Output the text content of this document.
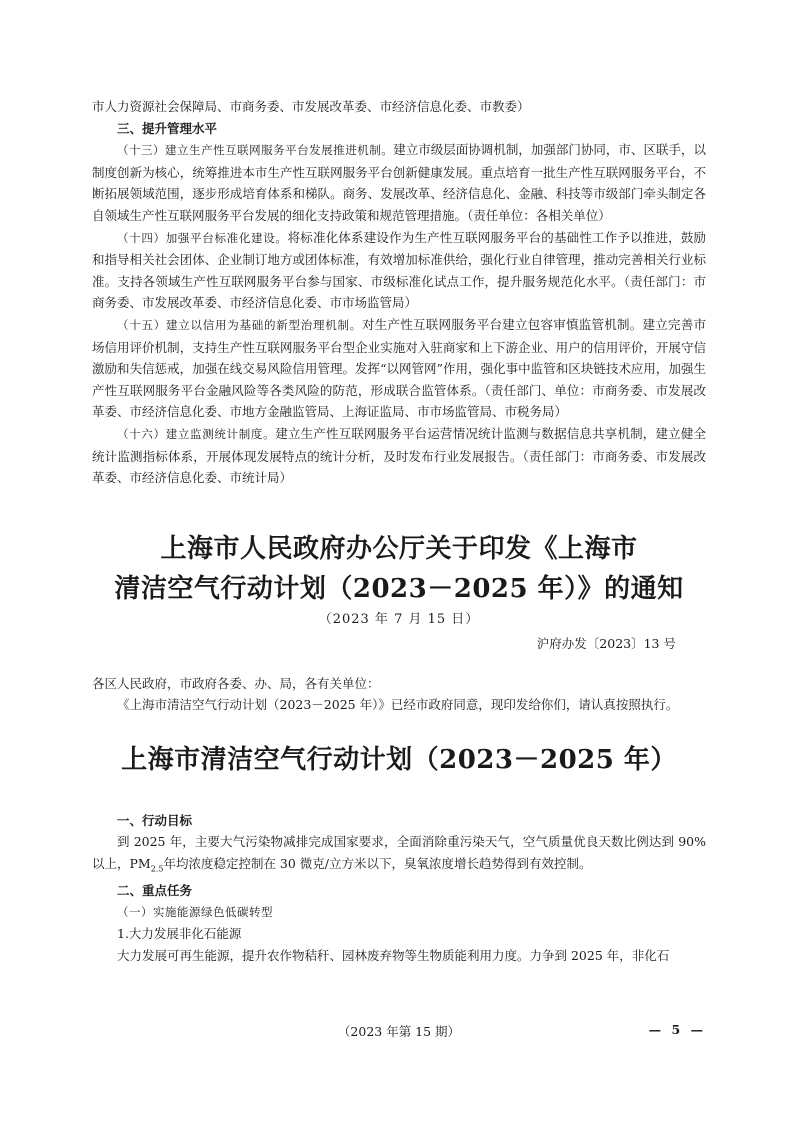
市人力资源社会保障局、市商务委、市发展改革委、市经济信息化委、市教委）

三、提升管理水平

（十三）建立生产性互联网服务平台发展推进机制。建立市级层面协调机制，加强部门协同，市、区联手，以制度创新为核心，统筹推进本市生产性互联网服务平台创新健康发展。重点培育一批生产性互联网服务平台，不断拓展领域范围，逐步形成培育体系和梯队。商务、发展改革、经济信息化、金融、科技等市级部门牵头制定各自领域生产性互联网服务平台发展的细化支持政策和规范管理措施。（责任单位：各相关单位）

（十四）加强平台标准化建设。将标准化体系建设作为生产性互联网服务平台的基础性工作予以推进，鼓励和指导相关社会团体、企业制订地方或团体标准，有效增加标准供给，强化行业自律管理，推动完善相关行业标准。支持各领域生产性互联网服务平台参与国家、市级标准化试点工作，提升服务规范化水平。（责任部门：市商务委、市发展改革委、市经济信息化委、市市场监管局）

（十五）建立以信用为基础的新型治理机制。对生产性互联网服务平台建立包容审慎监管机制。建立完善市场信用评价机制，支持生产性互联网服务平台型企业实施对入驻商家和上下游企业、用户的信用评价，开展守信激励和失信惩戒，加强在线交易风险信用管理。发挥“以网管网”作用，强化事中监管和区块链技术应用，加强生产性互联网服务平台金融风险等各类风险的防范，形成联合监管体系。（责任部门、单位：市商务委、市发展改革委、市经济信息化委、市地方金融监管局、上海证监局、市市场监管局、市税务局）

（十六）建立监测统计制度。建立生产性互联网服务平台运营情况统计监测与数据信息共享机制，建立健全统计监测指标体系，开展体现发展特点的统计分析，及时发布行业发展报告。（责任部门：市商务委、市发展改革委、市经济信息化委、市统计局）

上海市人民政府办公厅关于印发《上海市
清洁空气行动计划（2023－2025 年）》的通知
（2023 年 7 月 15 日）
沪府办发〔2023〕13 号

各区人民政府，市政府各委、办、局，各有关单位：

《上海市清洁空气行动计划（2023－2025 年）》已经市政府同意，现印发给你们，请认真按照执行。

上海市清洁空气行动计划（2023－2025 年）

一、行动目标

到 2025 年，主要大气污染物减排完成国家要求，全面消除重污染天气，空气质量优良天数比例达到 90%以上，$PM_{2.5}$年均浓度稳定控制在 30 微克/立方米以下，臭氧浓度增长趋势得到有效控制。

二、重点任务

（一）实施能源绿色低碳转型

1.大力发展非化石能源

大力发展可再生能源，提升农作物秸秆、园林废弃物等生物质能利用力度。力争到 2025 年，非化石

（2023 年第 15 期）	— 5 —
